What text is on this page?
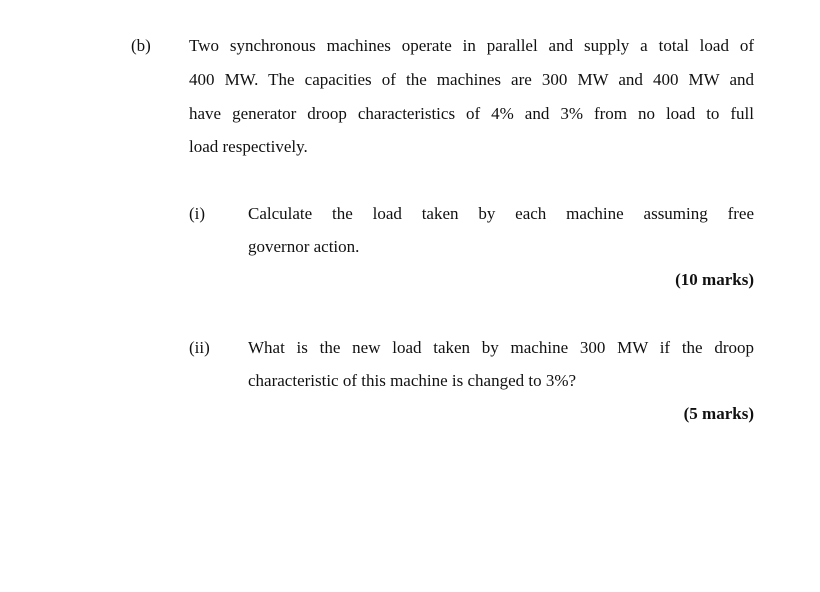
(b) Two synchronous machines operate in parallel and supply a total load of
400 MW. The capacities of the machines are 300 MW and 400 MW and
have generator droop characteristics of 4% and 3% from no load to full
load respectively.
(i)	Calculate the load taken by each machine assuming free
governor action.
(10 marks)
(ii) What is the new load taken by machine 300 MW if the droop
characteristic of this machine is changed to 3%?
(5 marks)
